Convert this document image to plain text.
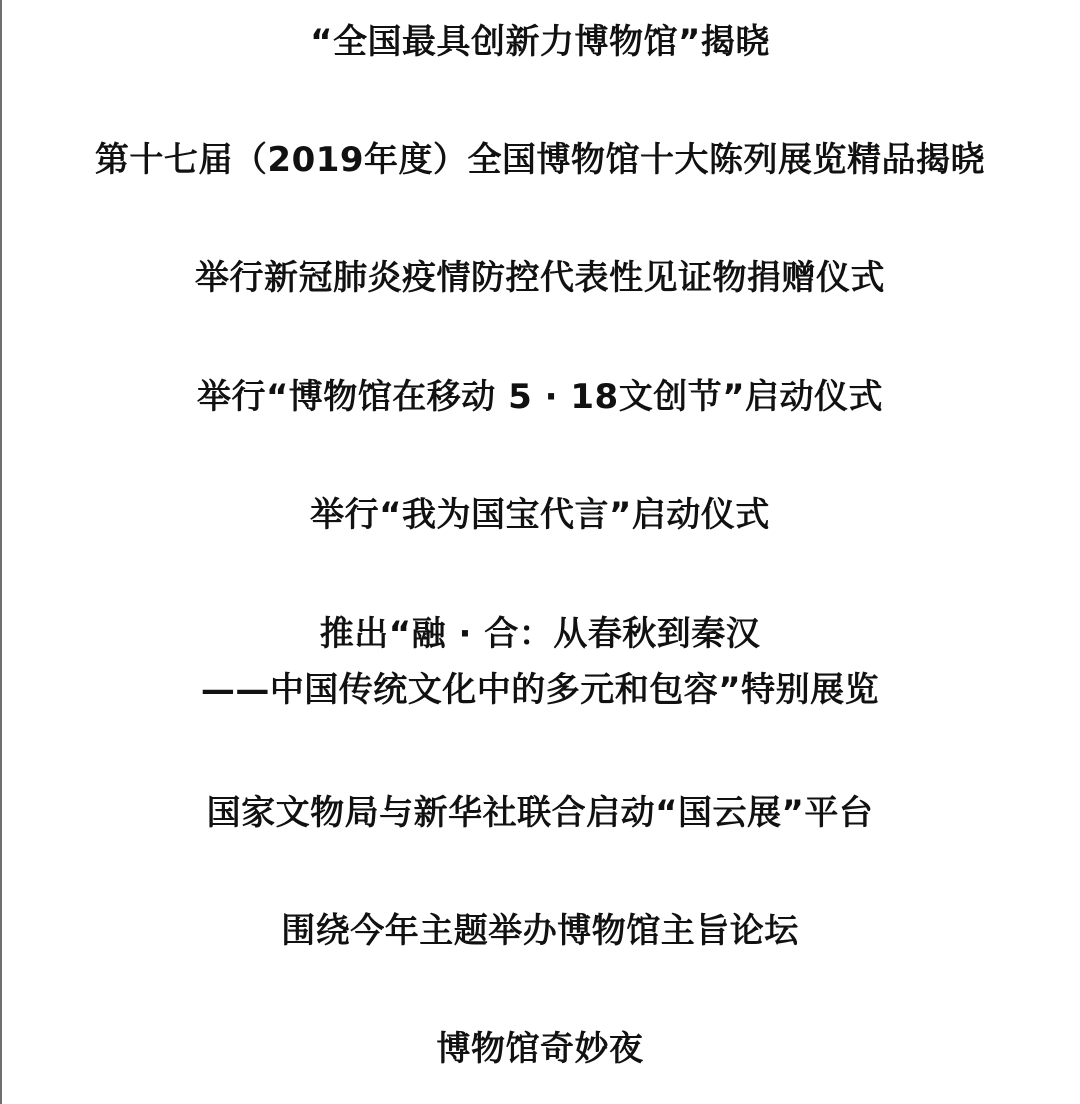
“全国最具创新力博物馆”揭晓
第十七届（2019年度）全国博物馆十大陈列展览精品揭晓
举行新冠肺炎疫情防控代表性见证物捐赠仪式
举行“博物馆在移动 5 · 18文创节”启动仪式
举行“我为国宝代言”启动仪式
推出“融 · 合：从春秋到秦汉
——中国传统文化中的多元和包容”特别展览
国家文物局与新华社联合启动“国云展”平台
围绕今年主题举办博物馆主旨论坛
博物馆奇妙夜
